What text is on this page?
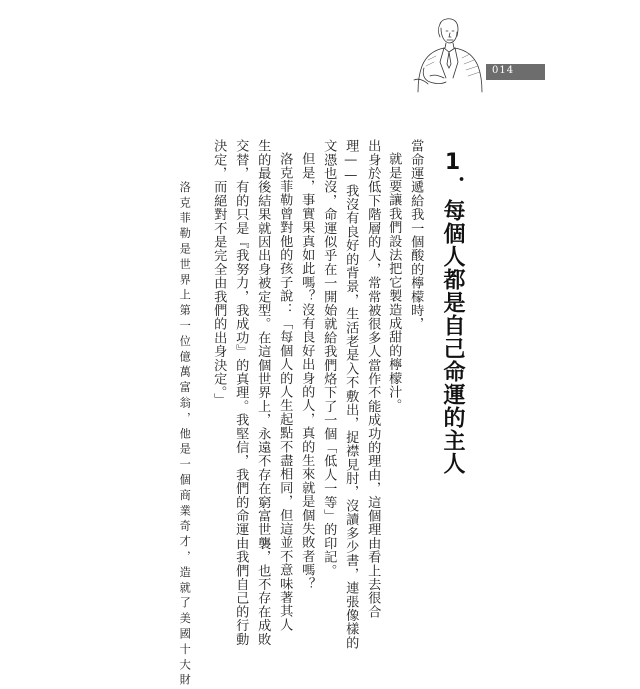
014
1．每個人都是自己命運的主人
當命運遞給我一個酸的檸檬時，
就是要讓我們設法把它製造成甜的檸檬汁。
出身於低下階層的人，常常被很多人當作不能成功的理由，這個理由看上去很合
理——我沒有良好的背景，生活老是入不敷出，捉襟見肘，沒讀多少書，連張像樣的
文憑也沒，命運似乎在一開始就給我們烙下了一個「低人一等」的印記。
但是，事實果真如此嗎？沒有良好出身的人，真的生來就是個失敗者嗎？
洛克菲勒曾對他的孩子說：「每個人的人生起點不盡相同，但這並不意味著其人
生的最後結果就因出身被定型。在這個世界上，永遠不存在窮富世襲，也不存在成敗
交替，有的只是『我努力，我成功』的真理。我堅信，我們的命運由我們自己的行動
決定，而絕對不是完全由我們的出身決定。」
洛克菲勒是世界上第一位億萬富翁，他是一個商業奇才，造就了美國十大財
